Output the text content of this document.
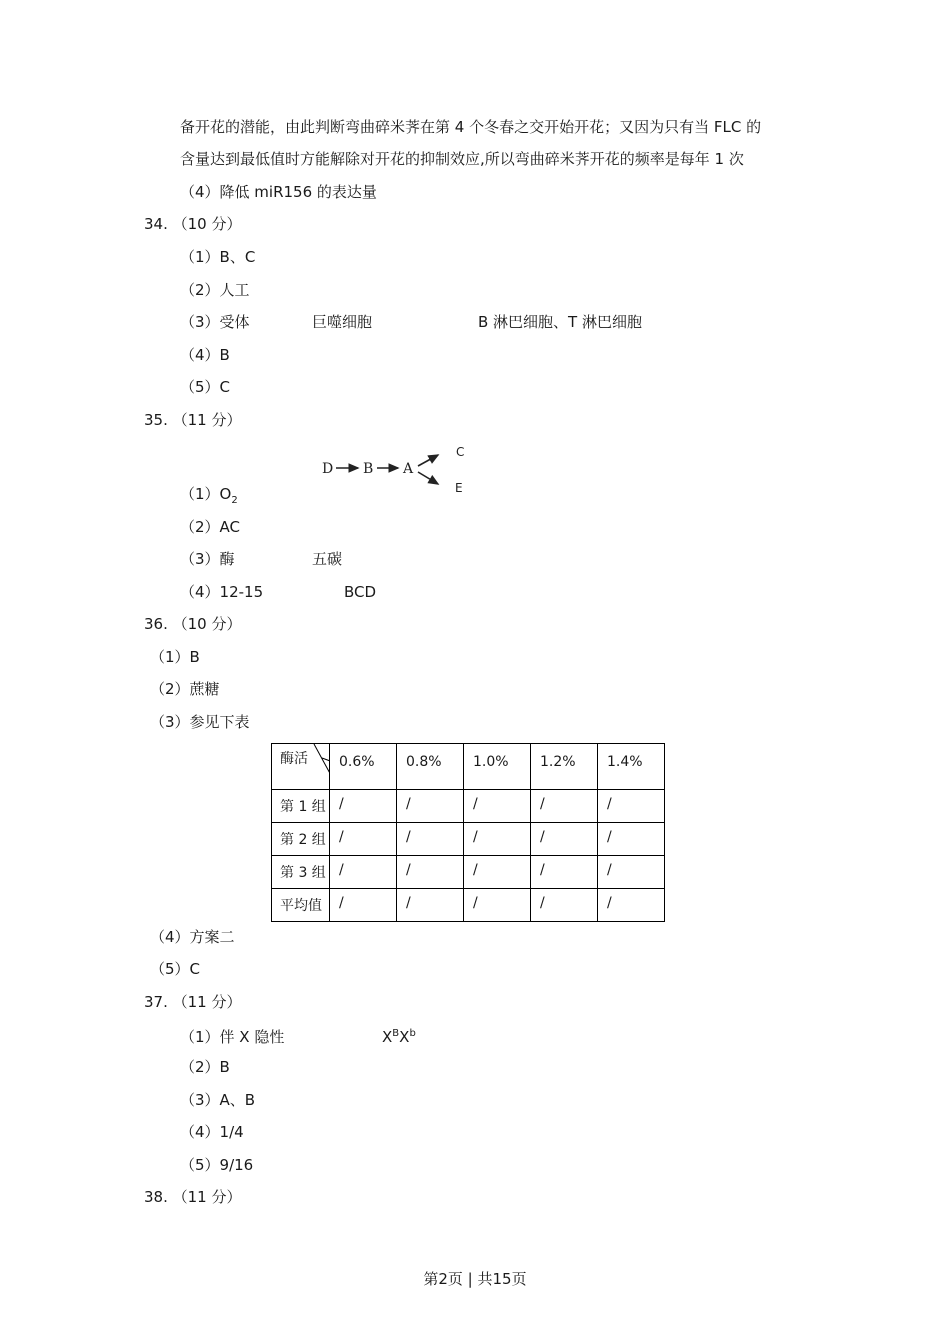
备开花的潜能，由此判断弯曲碎米荠在第 4 个冬春之交开始开花；又因为只有当 FLC 的
含量达到最低值时方能解除对开花的抑制效应,所以弯曲碎米荠开花的频率是每年 1 次
（4）降低 miR156 的表达量
34. （10 分）
（1）B、C
（2）人工
（3）受体	巨噬细胞	B 淋巴细胞、T 淋巴细胞
（4）B
（5）C
35. （11 分）
D B A
C
E
$(1)O_2$
（2）AC
（3）酶	五碳
（4）12-15	BCD
36. （10 分）
（1）B
（2）蔗糖
（3）参见下表
酶活	0.6%	0.8%	1.0%	1.2%	1.4%
第 1 组	/	/	/	/	/
第 2 组	/	/	/	/	/
第 3 组	/	/	/	/	/
平均值	/	/	/	/	/
（4）方案二
（5）C
37. （11 分）
（1）伴 X 隐性	$X^BX^b$
（2）B
（3）A、B
（4）1/4
（5）9/16
38. （11 分）
第2页 | 共15页
